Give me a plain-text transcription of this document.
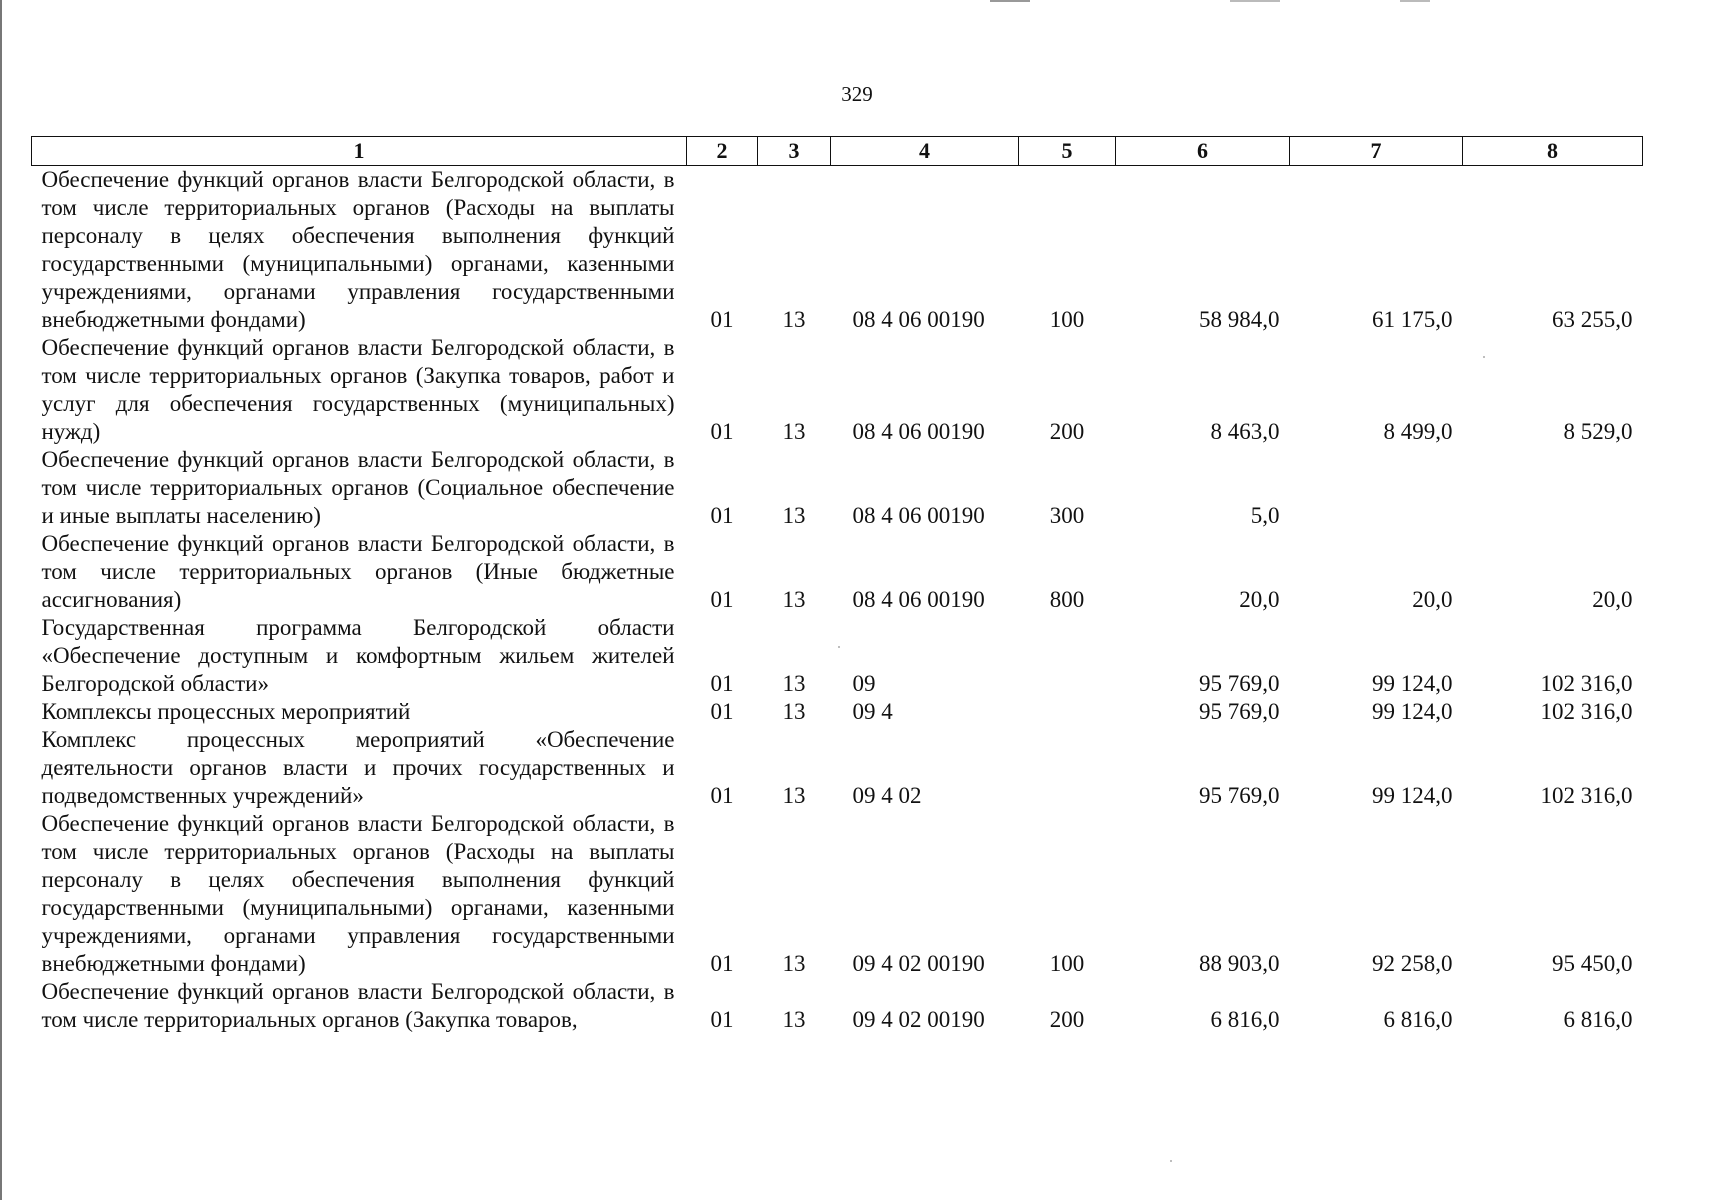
329
1	2	3	4	5	6	7	8
Обеспечение функций органов власти Белгородской области, в том числе территориальных органов (Расходы на выплаты персоналу в целях обеспечения выполнения функций государственными (муниципальными) органами, казенными учреждениями, органами управления государственными внебюджетными фондами)	01	13	08 4 06 00190	100	58 984,0	61 175,0	63 255,0
Обеспечение функций органов власти Белгородской области, в том числе территориальных органов (Закупка товаров, работ и услуг для обеспечения государственных (муниципальных) нужд)	01	13	08 4 06 00190	200	8 463,0	8 499,0	8 529,0
Обеспечение функций органов власти Белгородской области, в том числе территориальных органов (Социальное обеспечение и иные выплаты населению)	01	13	08 4 06 00190	300	5,0		
Обеспечение функций органов власти Белгородской области, в том числе территориальных органов (Иные бюджетные ассигнования)	01	13	08 4 06 00190	800	20,0	20,0	20,0
Государственная программа Белгородской области «Обеспечение доступным и комфортным жильем жителей Белгородской области»	01	13	09		95 769,0	99 124,0	102 316,0
Комплексы процессных мероприятий	01	13	09 4		95 769,0	99 124,0	102 316,0
Комплекс процессных мероприятий «Обеспечение деятельности органов власти и прочих государственных и подведомственных учреждений»	01	13	09 4 02		95 769,0	99 124,0	102 316,0
Обеспечение функций органов власти Белгородской области, в том числе территориальных органов (Расходы на выплаты персоналу в целях обеспечения выполнения функций государственными (муниципальными) органами, казенными учреждениями, органами управления государственными внебюджетными фондами)	01	13	09 4 02 00190	100	88 903,0	92 258,0	95 450,0
Обеспечение функций органов власти Белгородской области, в том числе территориальных органов (Закупка товаров,	01	13	09 4 02 00190	200	6 816,0	6 816,0	6 816,0
